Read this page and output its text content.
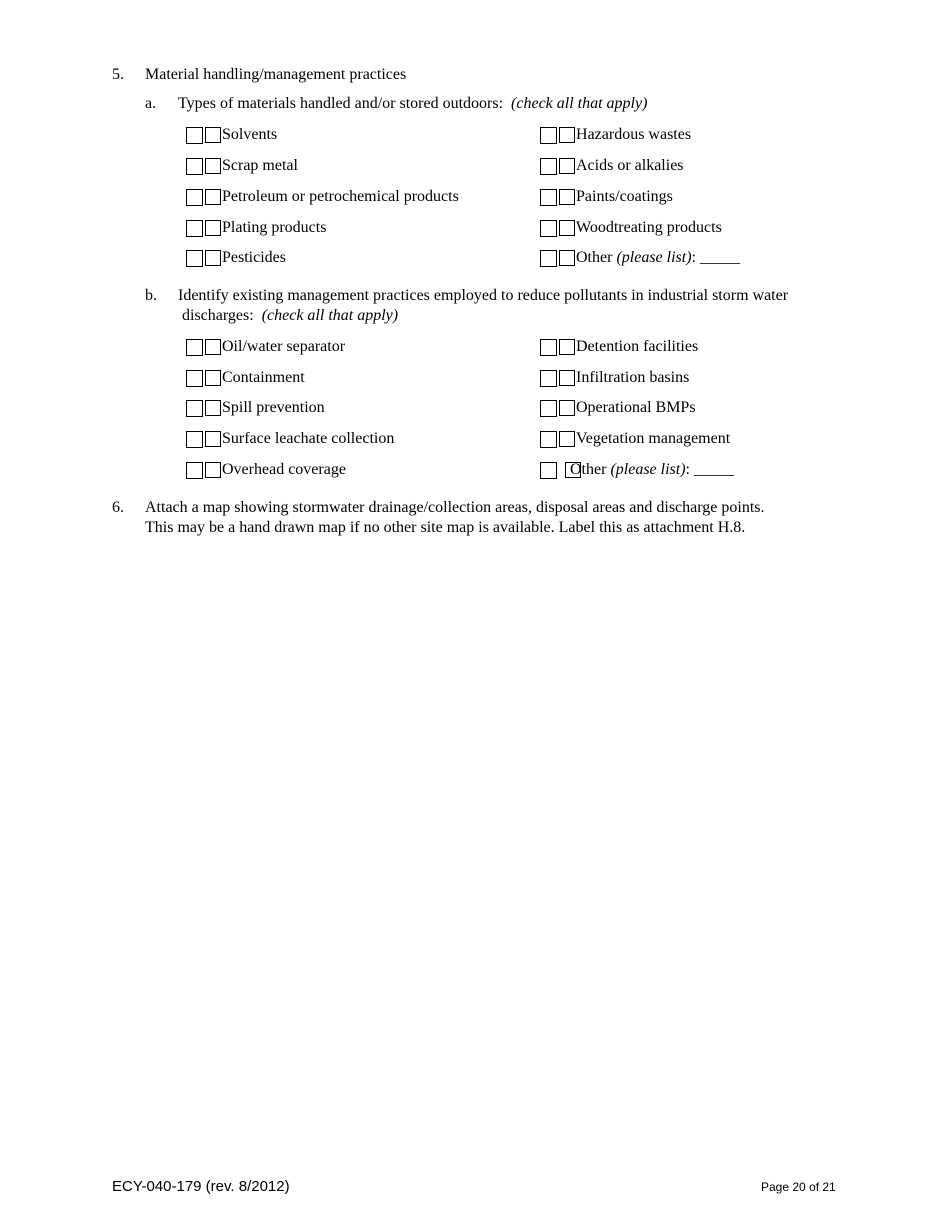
5. Material handling/management practices
a. Types of materials handled and/or stored outdoors: (check all that apply)
Solvents
Scrap metal
Petroleum or petrochemical products
Plating products
Pesticides
Hazardous wastes
Acids or alkalies
Paints/coatings
Woodtreating products
Other (please list): _____
b. Identify existing management practices employed to reduce pollutants in industrial storm water
discharges: (check all that apply)
Oil/water separator
Containment
Spill prevention
Surface leachate collection
Overhead coverage
Detention facilities
Infiltration basins
Operational BMPs
Vegetation management
Other (please list): _____
6. Attach a map showing stormwater drainage/collection areas, disposal areas and discharge points.
This may be a hand drawn map if no other site map is available. Label this as attachment H.8.
ECY-040-179 (rev. 8/2012)	Page 20 of 21
